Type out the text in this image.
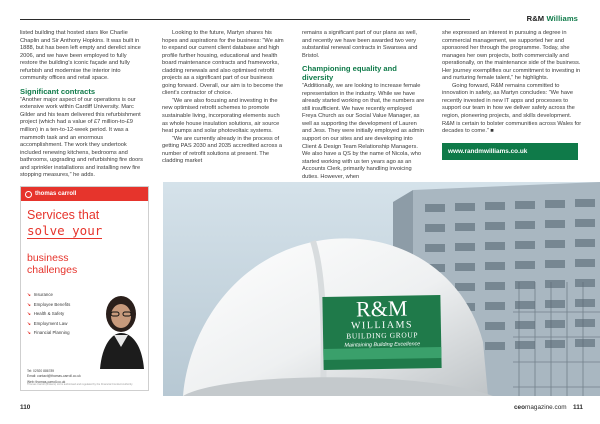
R&M Williams

listed building that hosted stars like Charlie Chaplin and Sir Anthony Hopkins. It was built in 1888, but has been left empty and derelict since 2006, and we have been employed to fully restore the building's iconic façade and fully refurbish and modernise the interior into community offices and retail space.

Significant contracts

“Another major aspect of our operations is our extensive work within Cardiff University. Marc Gilder and his team delivered this refurbishment project (which had a value of £7 million-to-£9 million) in a ten-to-12-week period. It was a mammoth task and an enormous accomplishment. The work they undertook included renewing kitchens, bedrooms and bathrooms, upgrading and refurbishing fire doors and sprinkler installations and installing new fire stopping measures,” he adds.

Looking to the future, Martyn shares his hopes and aspirations for the business: “We aim to expand our current client database and high profile further housing, educational and health board maintenance contracts and frameworks, cladding renewals and also optimised retrofit projects as a significant part of our business going forward. Overall, our aim is to become the client’s contractor of choice.

“We are also focusing and investing in the new optimised retrofit schemes to promote sustainable living, incorporating elements such as whole house insulation solutions, air source heat pumps and solar photovoltaic systems.

“We are currently already in the process of getting PAS 2030 and 2035 accredited across a number of retrofit solutions at present. The cladding market

remains a significant part of our plans as well, and recently we have been awarded two very substantial renewal contracts in Swansea and Bristol.

Championing equality and diversity

“Additionally, we are looking to increase female representation in the industry. While we have already started working on that, the numbers are still insufficient. We have recently employed Freya Church as our Social Value Manager, as well as supporting the development of Lauren and Jess. They were initially employed as admin support on our sites and are developing into Client & Design Team Relationship Managers. We also have a QS by the name of Nicola, who started working with us ten years ago as an Accounts Clerk, primarily handling invoicing duties. However, when

she expressed an interest in pursuing a degree in commercial management, we supported her and sponsored her through the programme. Today, she manages her own projects, both commercially and operationally, on the maintenance side of the business. Her journey exemplifies our commitment to investing in and nurturing female talent,” he highlights.

Going forward, R&M remains committed to innovation in safety, as Martyn concludes: “We have recently invested in new IT apps and processes to support our team in how we deliver safety across the region, pioneering projects, and skills development. R&M is certain to bolster communities across Wales for decades to come.” ■

www.randmwilliams.co.uk
R&M
WILLIAMS
BUILDING GROUP
Maintaining Building Excellence
thomas carroll
Services that
solve your
business
challenges
↘ Insurance
↘ Employee Benefits
↘ Health & Safety
↘ Employment Law
↘ Financial Planning
Tel: 02920 886789
Email: contact@thomas-carroll.co.uk
Web: thomas-carroll.co.uk
Thomas Carroll (Brokers) Ltd is authorised and regulated by the Financial Conduct Authority
110	ceomagazine.com 111
